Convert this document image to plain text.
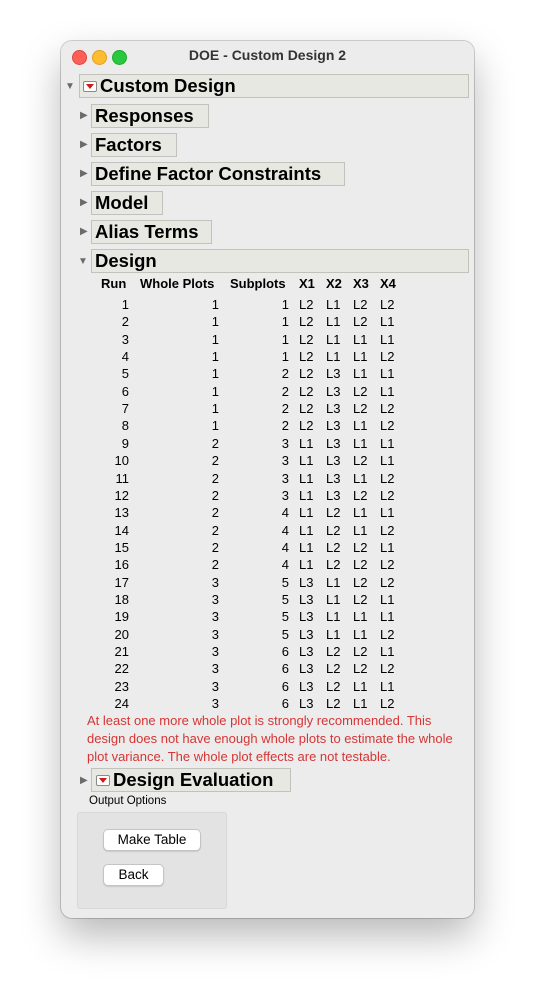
DOE - Custom Design 2
▼ Custom Design
▶ Responses
▶ Factors
▶ Define Factor Constraints
▶ Model
▶ Alias Terms
▼ Design
Run Whole Plots Subplots X1 X2 X3 X4
1	1	1 L2 L1 L2 L2
2	1	1 L2 L1 L2 L1
3	1	1 L2 L1 L1 L1
4	1	1 L2 L1 L1 L2
5	1	2 L2 L3 L1 L1
6	1	2 L2 L3 L2 L1
7	1	2 L2 L3 L2 L2
8	1	2 L2 L3 L1 L2
9	2	3 L1 L3 L1 L1
10	2	3 L1 L3 L2 L1
11	2	3 L1 L3 L1 L2
12	2	3 L1 L3 L2 L2
13	2	4 L1 L2 L1 L1
14	2	4 L1 L2 L1 L2
15	2	4 L1 L2 L2 L1
16	2	4 L1 L2 L2 L2
17	3	5 L3 L1 L2 L2
18	3	5 L3 L1 L2 L1
19	3	5 L3 L1 L1 L1
20	3	5 L3 L1 L1 L2
21	3	6 L3 L2 L2 L1
22	3	6 L3 L2 L2 L2
23	3	6 L3 L2 L1 L1
24	3	6 L3 L2 L1 L2
At least one more whole plot is strongly recommended. This design does not have enough whole plots to estimate the whole plot variance. The whole plot effects are not testable.
▶ Design Evaluation
Output Options
Make Table
Back
